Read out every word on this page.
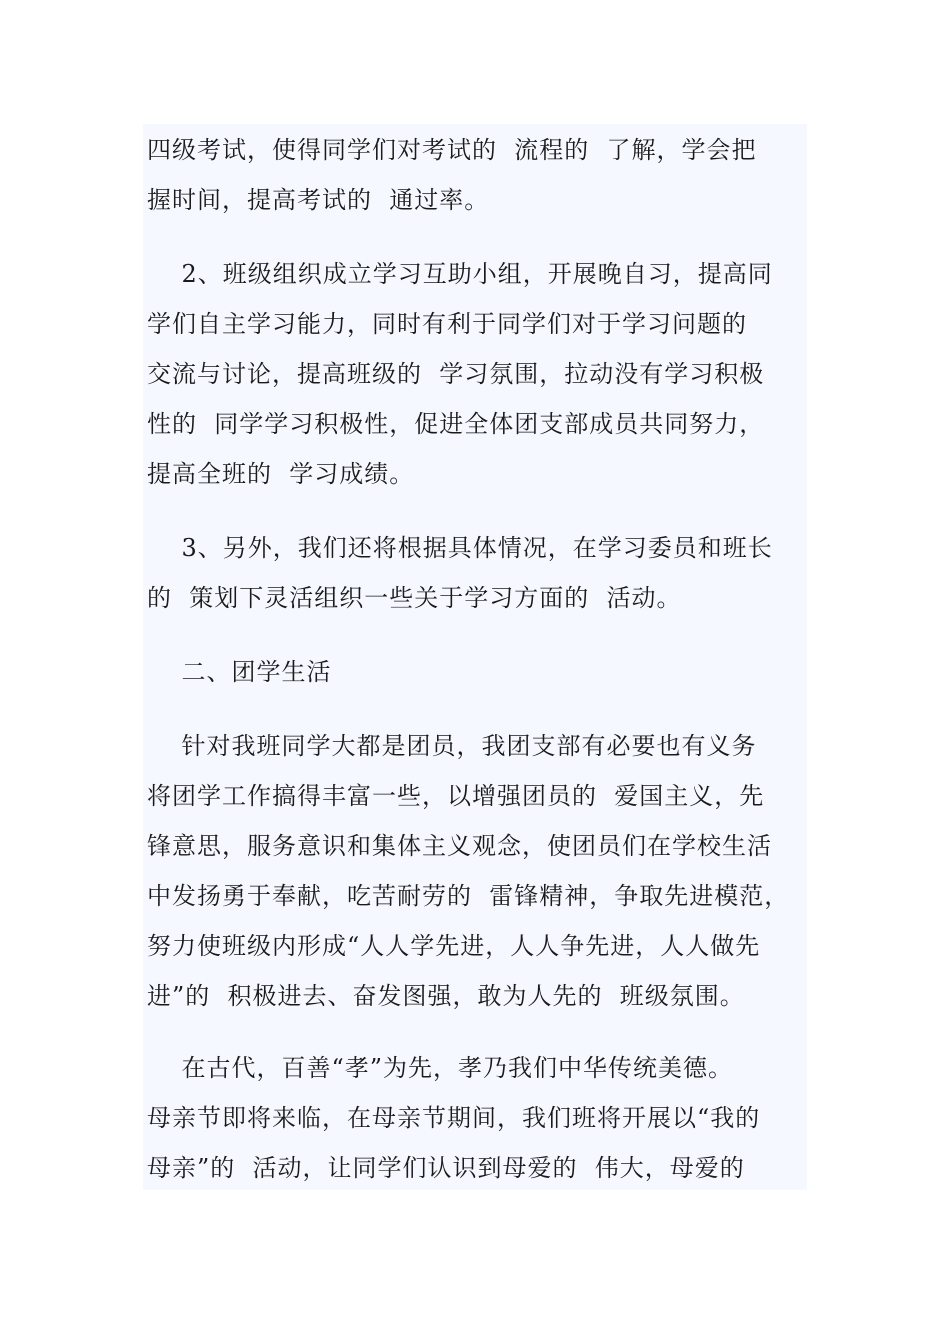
四级考试，使得同学们对考试的  流程的  了解，学会把
握时间，提高考试的  通过率。
2、班级组织成立学习互助小组，开展晚自习，提高同
学们自主学习能力，同时有利于同学们对于学习问题的
交流与讨论，提高班级的  学习氛围，拉动没有学习积极
性的  同学学习积极性，促进全体团支部成员共同努力，
提高全班的  学习成绩。
3、另外，我们还将根据具体情况，在学习委员和班长
的  策划下灵活组织一些关于学习方面的  活动。
二、团学生活
针对我班同学大都是团员，我团支部有必要也有义务
将团学工作搞得丰富一些，以增强团员的  爱国主义，先
锋意思，服务意识和集体主义观念，使团员们在学校生活
中发扬勇于奉献，吃苦耐劳的  雷锋精神，争取先进模范，
努力使班级内形成“人人学先进，人人争先进，人人做先
进”的  积极进去、奋发图强，敢为人先的  班级氛围。
在古代，百善“孝”为先，孝乃我们中华传统美德。
母亲节即将来临，在母亲节期间，我们班将开展以“我的
母亲”的  活动，让同学们认识到母爱的  伟大，母爱的
